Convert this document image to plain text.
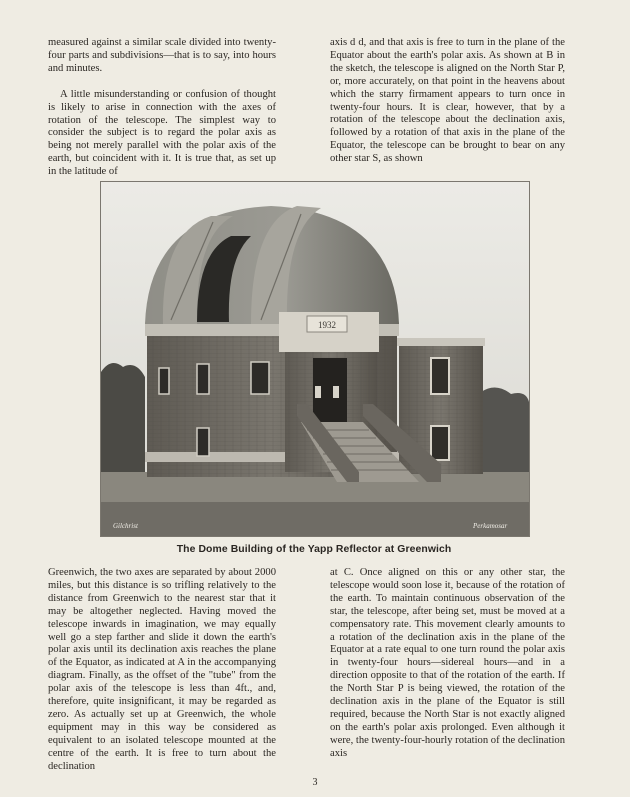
measured against a similar scale divided into twenty-four parts and subdivisions—that is to say, into hours and minutes.

A little misunderstanding or confusion of thought is likely to arise in connection with the axes of rotation of the telescope. The simplest way to consider the subject is to regard the polar axis as being not merely parallel with the polar axis of the earth, but coincident with it. It is true that, as set up in the latitude of

axis d d, and that axis is free to turn in the plane of the Equator about the earth's polar axis. As shown at B in the sketch, the telescope is aligned on the North Star P, or, more accurately, on that point in the heavens about which the starry firmament appears to turn once in twenty-four hours. It is clear, however, that by a rotation of the telescope about the declination axis, followed by a rotation of that axis in the plane of the Equator, the telescope can be brought to bear on any other star S, as shown

1932
Gilchrist	Perkamosar
The Dome Building of the Yapp Reflector at Greenwich

Greenwich, the two axes are separated by about 2000 miles, but this distance is so trifling relatively to the distance from Greenwich to the nearest star that it may be altogether neglected. Having moved the telescope inwards in imagination, we may equally well go a step farther and slide it down the earth's polar axis until its declination axis reaches the plane of the Equator, as indicated at A in the accompanying diagram. Finally, as the offset of the "tube" from the polar axis of the telescope is less than 4ft., and, therefore, quite insignificant, it may be regarded as zero. As actually set up at Greenwich, the whole equipment may in this way be considered as equivalent to an isolated telescope mounted at the centre of the earth. It is free to turn about the declination

at C. Once aligned on this or any other star, the telescope would soon lose it, because of the rotation of the earth. To maintain continuous observation of the star, the telescope, after being set, must be moved at a compensatory rate. This movement clearly amounts to a rotation of the declination axis in the plane of the Equator at a rate equal to one turn round the polar axis in twenty-four hours—sidereal hours—and in a direction opposite to that of the rotation of the earth. If the North Star P is being viewed, the rotation of the declination axis in the plane of the Equator is still required, because the North Star is not exactly aligned on the earth's polar axis prolonged. Even although it were, the twenty-four-hourly rotation of the declination axis

3
